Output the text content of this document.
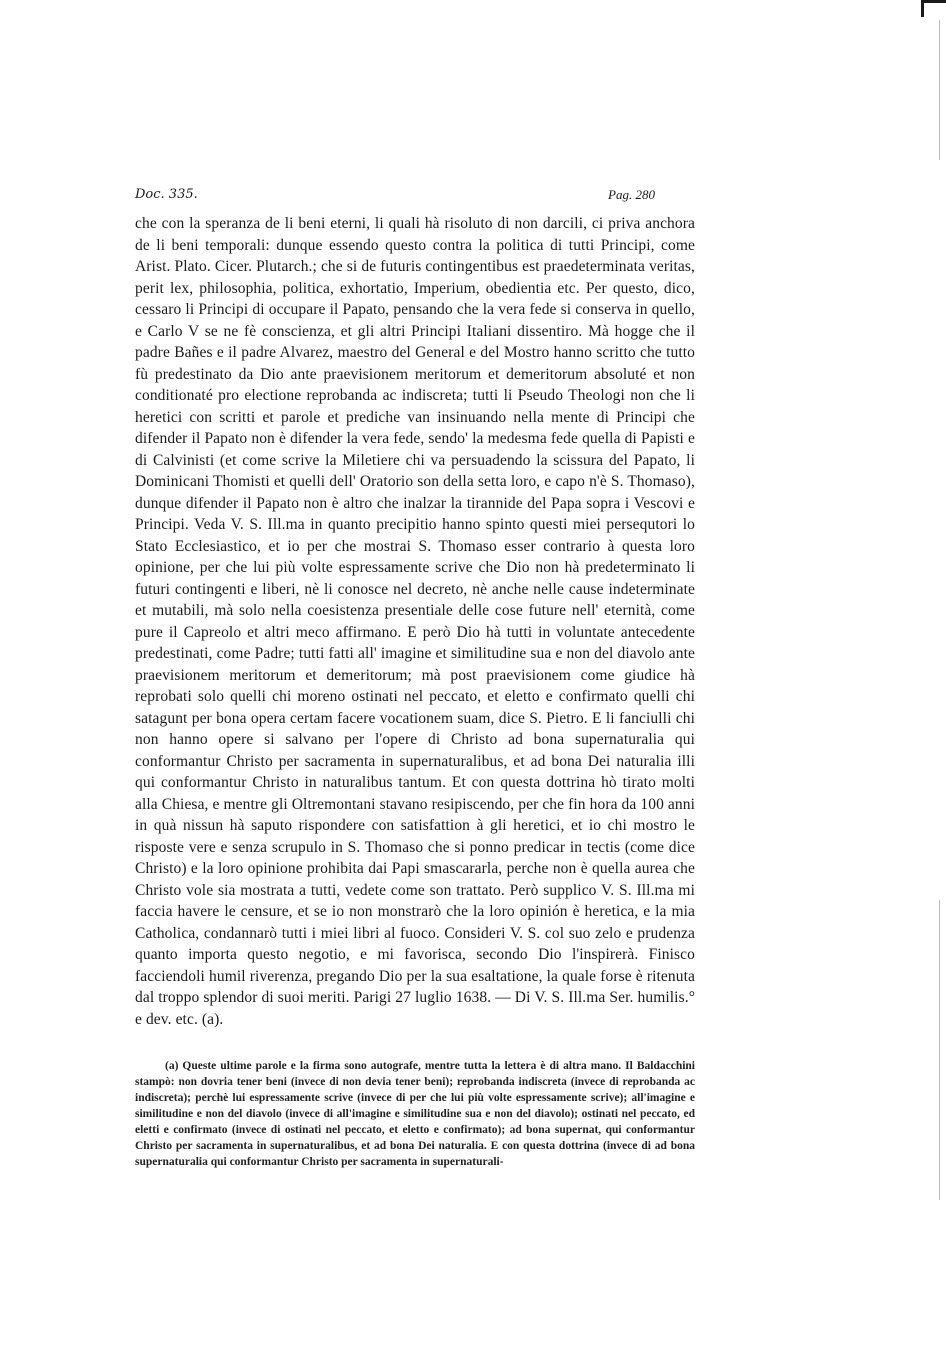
Doc. 335.	Pag. 280

che con la speranza de li beni eterni, li quali hà risoluto di non darcili, ci priva anchora de li beni temporali: dunque essendo questo contra la politica di tutti Principi, come Arist. Plato. Cicer. Plutarch.; che si de futuris contingentibus est praedeterminata veritas, perit lex, philosophia, politica, exhortatio, Imperium, obedientia etc. Per questo, dico, cessaro li Principi di occupare il Papato, pensando che la vera fede si conserva in quello, e Carlo V se ne fè conscienza, et gli altri Principi Italiani dissentiro. Mà hogge che il padre Bañes e il padre Alvarez, maestro del General e del Mostro hanno scritto che tutto fù predestinato da Dio ante praevisionem meritorum et demeritorum absoluté et non conditionaté pro electione reprobanda ac indiscreta; tutti li Pseudo Theologi non che li heretici con scritti et parole et prediche van insinuando nella mente di Principi che difender il Papato non è difender la vera fede, sendo' la medesma fede quella di Papisti e di Calvinisti (et come scrive la Miletiere chi va persuadendo la scissura del Papato, li Dominicani Thomisti et quelli dell' Oratorio son della setta loro, e capo n'è S. Thomaso), dunque difender il Papato non è altro che inalzar la tirannide del Papa sopra i Vescovi e Principi. Veda V. S. Ill.ma in quanto precipitio hanno spinto questi miei persequtori lo Stato Ecclesiastico, et io per che mostrai S. Thomaso esser contrario à questa loro opinione, per che lui più volte espressamente scrive che Dio non hà predeterminato li futuri contingenti e liberi, nè li conosce nel decreto, nè anche nelle cause indeterminate et mutabili, mà solo nella coesistenza presentiale delle cose future nell' eternità, come pure il Capreolo et altri meco affirmano. E però Dio hà tutti in voluntate antecedente predestinati, come Padre; tutti fatti all' imagine et similitudine sua e non del diavolo ante praevisionem meritorum et demeritorum; mà post praevisionem come giudice hà reprobati solo quelli chi moreno ostinati nel peccato, et eletto e confirmato quelli chi satagunt per bona opera certam facere vocationem suam, dice S. Pietro. E li fanciulli chi non hanno opere si salvano per l'opere di Christo ad bona supernaturalia qui conformantur Christo per sacramenta in supernaturalibus, et ad bona Dei naturalia illi qui conformantur Christo in naturalibus tantum. Et con questa dottrina hò tirato molti alla Chiesa, e mentre gli Oltremontani stavano resipiscendo, per che fin hora da 100 anni in quà nissun hà saputo rispondere con satisfattion à gli heretici, et io chi mostro le risposte vere e senza scrupulo in S. Thomaso che si ponno predicar in tectis (come dice Christo) e la loro opinione prohibita dai Papi smascararla, perche non è quella aurea che Christo vole sia mostrata a tutti, vedete come son trattato. Però supplico V. S. Ill.ma mi faccia havere le censure, et se io non monstrarò che la loro opinión è heretica, e la mia Catholica, condannarò tutti i miei libri al fuoco. Consideri V. S. col suo zelo e prudenza quanto importa questo negotio, e mi favorisca, secondo Dio l'inspirerà. Finisco facciendoli humil riverenza, pregando Dio per la sua esaltatione, la quale forse è ritenuta dal troppo splendor di suoi meriti. Parigi 27 luglio 1638. — Di V. S. Ill.ma Ser. humilis.° e dev. etc. (a).

(a) Queste ultime parole e la firma sono autografe, mentre tutta la lettera è di altra mano. Il Baldacchini stampò: non dovria tener beni (invece di non devia tener beni); reprobanda indiscreta (invece di reprobanda ac indiscreta); perchè lui espressamente scrive (invece di per che lui più volte espressamente scrive); all'imagine e similitudine e non del diavolo (invece di all'imagine e similitudine sua e non del diavolo); ostinati nel peccato, ed eletti e confirmato (invece di ostinati nel peccato, et eletto e confirmato); ad bona supernat, qui conformantur Christo per sacramenta in supernaturalibus, et ad bona Dei naturalia. E con questa dottrina (invece di ad bona supernaturalia qui conformantur Christo per sacramenta in supernaturali-
